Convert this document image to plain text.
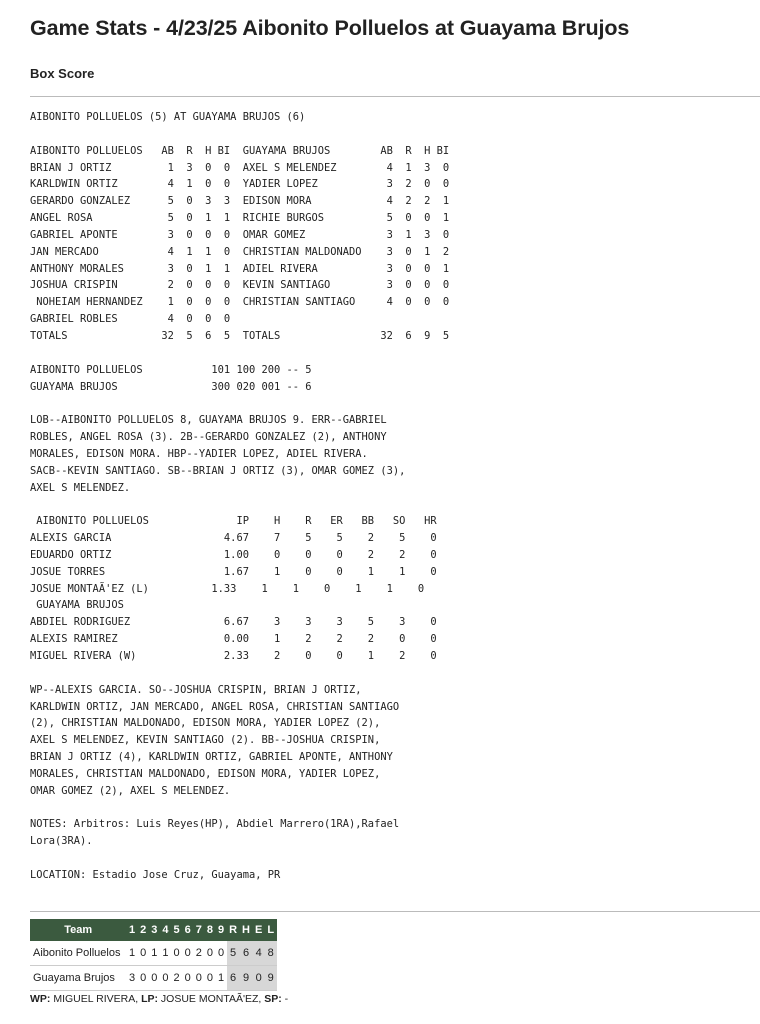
Game Stats - 4/23/25 Aibonito Polluelos at Guayama Brujos
Box Score
AIBONITO POLLUELOS (5) AT GUAYAMA BRUJOS (6)

AIBONITO POLLUELOS   AB  R  H BI  GUAYAMA BRUJOS        AB  R  H BI
BRIAN J ORTIZ         1  3  0  0  AXEL S MELENDEZ        4  1  3  0
KARLDWIN ORTIZ        4  1  0  0  YADIER LOPEZ           3  2  0  0
GERARDO GONZALEZ      5  0  3  3  EDISON MORA            4  2  2  1
ANGEL ROSA            5  0  1  1  RICHIE BURGOS          5  0  0  1
GABRIEL APONTE        3  0  0  0  OMAR GOMEZ             3  1  3  0
JAN MERCADO           4  1  1  0  CHRISTIAN MALDONADO    3  0  1  2
ANTHONY MORALES       3  0  1  1  ADIEL RIVERA           3  0  0  1
JOSHUA CRISPIN        2  0  0  0  KEVIN SANTIAGO         3  0  0  0
NOHEIAM HERNANDEZ    1  0  0  0  CHRISTIAN SANTIAGO     4  0  0  0
GABRIEL ROBLES        4  0  0  0
TOTALS               32  5  6  5  TOTALS                32  6  9  5

AIBONITO POLLUELOS           101 100 200 -- 5
GUAYAMA BRUJOS               300 020 001 -- 6

LOB--AIBONITO POLLUELOS 8, GUAYAMA BRUJOS 9. ERR--GABRIEL
ROBLES, ANGEL ROSA (3). 2B--GERARDO GONZALEZ (2), ANTHONY
MORALES, EDISON MORA. HBP--YADIER LOPEZ, ADIEL RIVERA.
SACB--KEVIN SANTIAGO. SB--BRIAN J ORTIZ (3), OMAR GOMEZ (3),
AXEL S MELENDEZ.

AIBONITO POLLUELOS              IP    H    R   ER   BB   SO   HR
ALEXIS GARCIA                  4.67    7    5    5    2    5    0
EDUARDO ORTIZ                  1.00    0    0    0    2    2    0
JOSUE TORRES                   1.67    1    0    0    1    1    0
JOSUE MONTAÃ'EZ (L)          1.33    1    1    0    1    1    0
GUAYAMA BRUJOS
ABDIEL RODRIGUEZ               6.67    3    3    3    5    3    0
ALEXIS RAMIREZ                 0.00    1    2    2    2    0    0
MIGUEL RIVERA (W)              2.33    2    0    0    1    2    0

WP--ALEXIS GARCIA. SO--JOSHUA CRISPIN, BRIAN J ORTIZ,
KARLDWIN ORTIZ, JAN MERCADO, ANGEL ROSA, CHRISTIAN SANTIAGO
(2), CHRISTIAN MALDONADO, EDISON MORA, YADIER LOPEZ (2),
AXEL S MELENDEZ, KEVIN SANTIAGO (2). BB--JOSHUA CRISPIN,
BRIAN J ORTIZ (4), KARLDWIN ORTIZ, GABRIEL APONTE, ANTHONY
MORALES, CHRISTIAN MALDONADO, EDISON MORA, YADIER LOPEZ,
OMAR GOMEZ (2), AXEL S MELENDEZ.

NOTES: Arbitros: Luis Reyes(HP), Abdiel Marrero(1RA),Rafael
Lora(3RA).

LOCATION: Estadio Jose Cruz, Guayama, PR
Team	1	2	3	4	5	6	7	8	9	R	H	E	L
Aibonito Polluelos	1	0	1	1	0	0	2	0	0	5	6	4	8
Guayama Brujos	3	0	0	0	2	0	0	0	1	6	9	0	9
WP: MIGUEL RIVERA, LP: JOSUE MONTAÃ'EZ, SP: -
